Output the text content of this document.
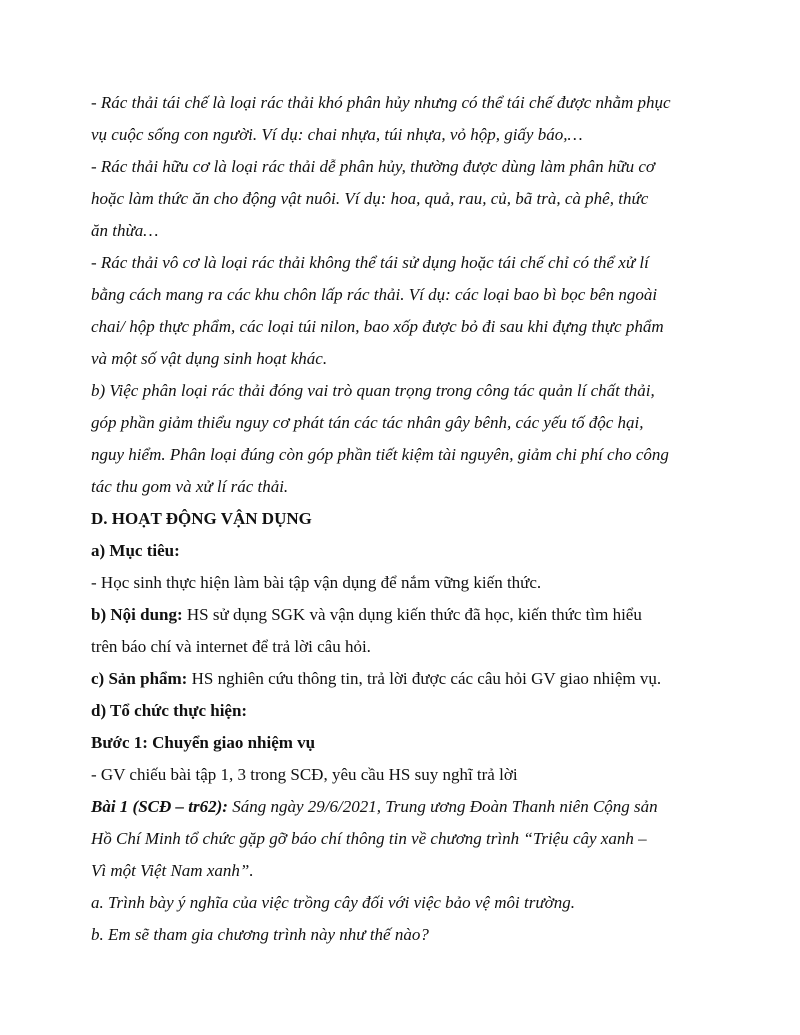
- Rác thải tái chế là loại rác thải khó phân hủy nhưng có thể tái chế được nhằm phục
vụ cuộc sống con người. Ví dụ: chai nhựa, túi nhựa, vỏ hộp, giấy báo,…
- Rác thải hữu cơ là loại rác thải dễ phân hủy, thường được dùng làm phân hữu cơ
hoặc làm thức ăn cho động vật nuôi. Ví dụ: hoa, quả, rau, củ, bã trà, cà phê, thức
ăn thừa…
- Rác thải vô cơ là loại rác thải không thể tái sử dụng hoặc tái chế chỉ có thể xử lí
bằng cách mang ra các khu chôn lấp rác thải. Ví dụ: các loại bao bì bọc bên ngoài
chai/ hộp thực phẩm, các loại túi nilon, bao xốp được bỏ đi sau khi đựng thực phẩm
và một số vật dụng sinh hoạt khác.
b) Việc phân loại rác thải đóng vai trò quan trọng trong công tác quản lí chất thải,
góp phần giảm thiểu nguy cơ phát tán các tác nhân gây bênh, các yếu tố độc hại,
nguy hiểm. Phân loại đúng còn góp phần tiết kiệm tài nguyên, giảm chi phí cho công
tác thu gom và xử lí rác thải.
D. HOẠT ĐỘNG VẬN DỤNG
a) Mục tiêu:
- Học sinh thực hiện làm bài tập vận dụng để nắm vững kiến thức.
b) Nội dung: HS sử dụng SGK và vận dụng kiến thức đã học, kiến thức tìm hiểu
trên báo chí và internet để trả lời câu hỏi.
c) Sản phẩm: HS nghiên cứu thông tin, trả lời được các câu hỏi GV giao nhiệm vụ.
d) Tổ chức thực hiện:
Bước 1: Chuyển giao nhiệm vụ
- GV chiếu bài tập 1, 3 trong SCĐ, yêu cầu HS suy nghĩ trả lời
Bài 1 (SCĐ – tr62): Sáng ngày 29/6/2021, Trung ương Đoàn Thanh niên Cộng sản
Hồ Chí Minh tổ chức gặp gỡ báo chí thông tin về chương trình “Triệu cây xanh –
Vì một Việt Nam xanh”.
a. Trình bày ý nghĩa của việc trồng cây đối với việc bảo vệ môi trường.
b. Em sẽ tham gia chương trình này như thế nào?
